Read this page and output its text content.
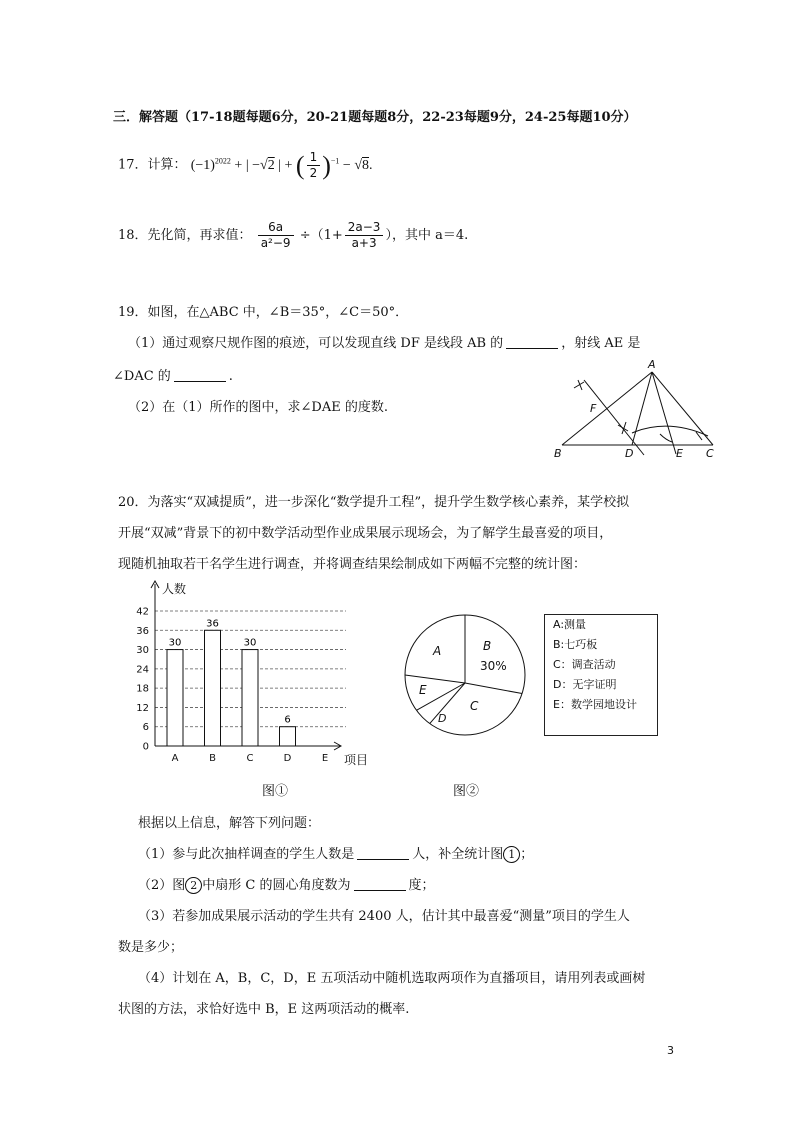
三．解答题（17-18题每题6分，20-21题每题8分，22-23每题9分，24-25每题10分）
17．计算： $(-1)^{2022}$ + | −√2 | + ( $\frac{1}{2} )^{-1} - √8$.
18．先化简，再求值： $\frac{6a}{\text{a²−9}} \div(1+ \frac{2a-3}{a+3}$ ），其中 a＝4.
19．如图，在△ABC 中，∠B＝35°，∠C＝50°．
（1）通过观察尺规作图的痕迹，可以发现直线 DF 是线段 AB 的	，射线 AE 是
∠DAC 的	.
（2）在（1）所作的图中，求∠DAE 的度数.
A
B	C
D	E
F
20．为落实“双减提质”，进一步深化“数学提升工程”，提升学生数学核心素养，某学校拟
开展“双减”背景下的初中数学活动型作业成果展示现场会，为了解学生最喜爱的项目，
现随机抽取若干名学生进行调查，并将调查结果绘制成如下两幅不完整的统计图：
30
36
30
6
0
6
12
18
24
30
36
42
A	B	C	D	E
人数
项目
A	B
30%
C
D
E
A:测量
B:七巧板
C：调查活动
D：无字证明
E：数学园地设计
图①	图②
根据以上信息，解答下列问题：
（1）参与此次抽样调查的学生人数是	人，补全统计图 1 ；
（2）图 2 中扇形 C 的圆心角度数为	度；
（3）若参加成果展示活动的学生共有 2400 人，估计其中最喜爱“测量”项目的学生人
数是多少；
（4）计划在 A，B，C，D，E 五项活动中随机选取两项作为直播项目，请用列表或画树
状图的方法，求恰好选中 B，E 这两项活动的概率.
3
